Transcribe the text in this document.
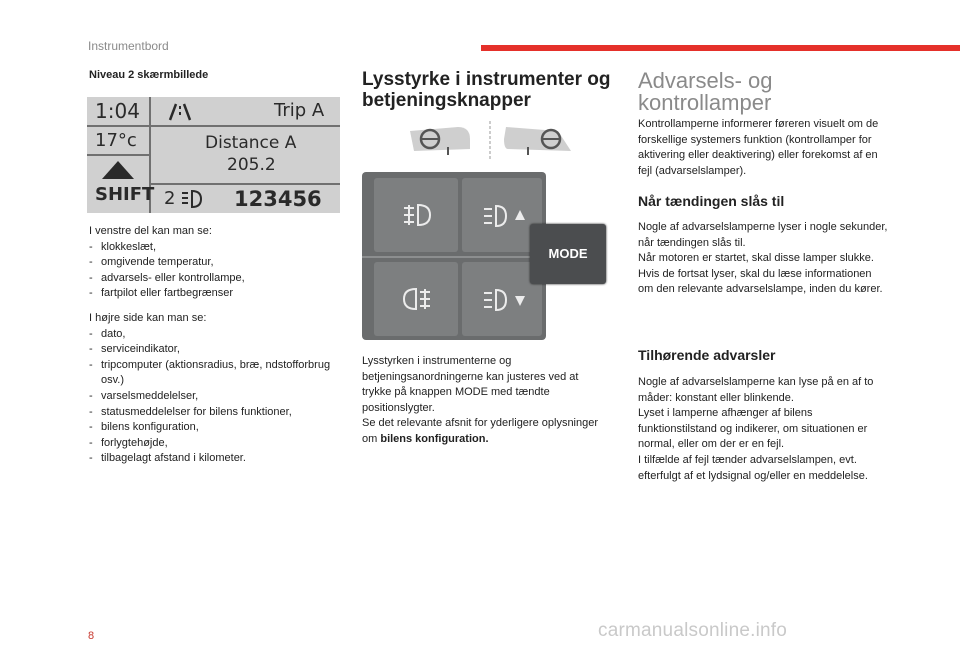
Instrumentbord
Niveau 2 skærmbillede
1:04
17°c
Trip A
Distance A
205.2
SHIFT 2	123456
I venstre del kan man se:
- klokkeslæt,
- omgivende temperatur,
- advarsels- eller kontrollampe,
- fartpilot eller fartbegrænser
I højre side kan man se:
- dato,
- serviceindikator,
- tripcomputer (aktionsradius, bræ, ndstofforbrug osv.)
- varselsmeddelelser,
- statusmeddelelser for bilens funktioner,
- bilens konfiguration,
- forlygtehøjde,
- tilbagelagt afstand i kilometer.
Lysstyrke i instrumenter og betjeningsknapper
MODE
Lysstyrken i instrumenterne og betjeningsanordningerne kan justeres ved at trykke på knappen MODE med tændte positionslygter.
Se det relevante afsnit for yderligere oplysninger om bilens konfiguration.
Advarsels- og kontrollamper
Kontrollamperne informerer føreren visuelt om de forskellige systemers funktion (kontrollamper for aktivering eller deaktivering) eller forekomst af en fejl (advarselslamper).
Når tændingen slås til
Nogle af advarselslamperne lyser i nogle sekunder, når tændingen slås til.
Når motoren er startet, skal disse lamper slukke.
Hvis de fortsat lyser, skal du læse informationen om den relevante advarselslampe, inden du kører.
Tilhørende advarsler
Nogle af advarselslamperne kan lyse på en af to måder: konstant eller blinkende.
Lyset i lamperne afhænger af bilens funktionstilstand og indikerer, om situationen er normal, eller om der er en fejl.
I tilfælde af fejl tænder advarselslampen, evt. efterfulgt af et lydsignal og/eller en meddelelse.
8	carmanualsonline.info
